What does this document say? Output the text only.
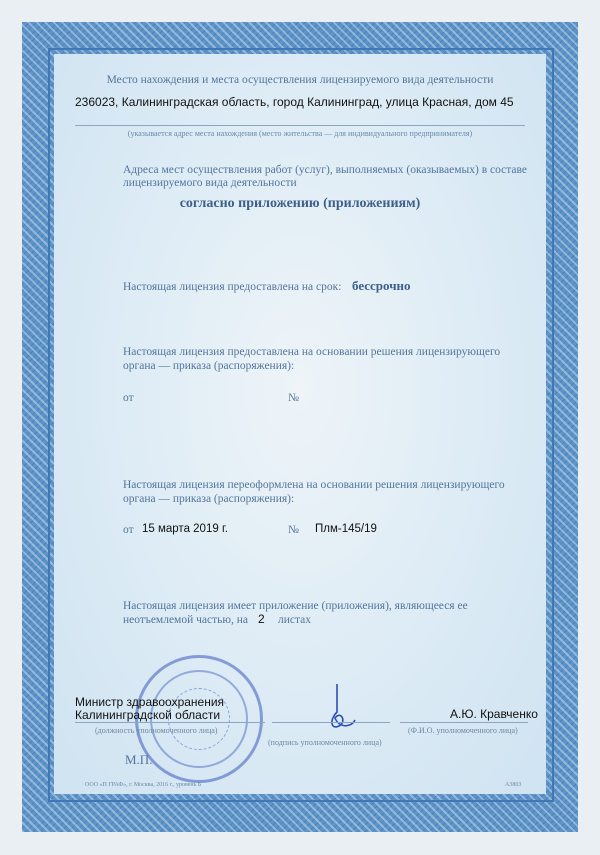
Место нахождения и места осуществления лицензируемого вида деятельности
236023, Калининградская область, город Калининград, улица Красная, дом 45
(указывается адрес места нахождения (место жительства — для индивидуального предпринимателя)
Адреса мест осуществления работ (услуг), выполняемых (оказываемых) в составе
лицензируемого вида деятельности
согласно приложению (приложениям)
Настоящая лицензия предоставлена на срок: бессрочно
Настоящая лицензия предоставлена на основании решения лицензирующего
органа — приказа (распоряжения):
от	№
Настоящая лицензия переоформлена на основании решения лицензирующего
органа — приказа (распоряжения):
от 15 марта 2019 г.	№ Плм-145/19
Настоящая лицензия имеет приложение (приложения), являющееся ее
неотъемлемой частью, на 2 листах
Министр здравоохранения
Калининградской области	А.Ю. Кравченко
(должность уполномоченного лица)
(подпись уполномоченного лица)
(Ф.И.О. уполномоченного лица)
М.П.
ООО «П ГРАФ», г. Москва, 2016 г., уровень Б	А3803
